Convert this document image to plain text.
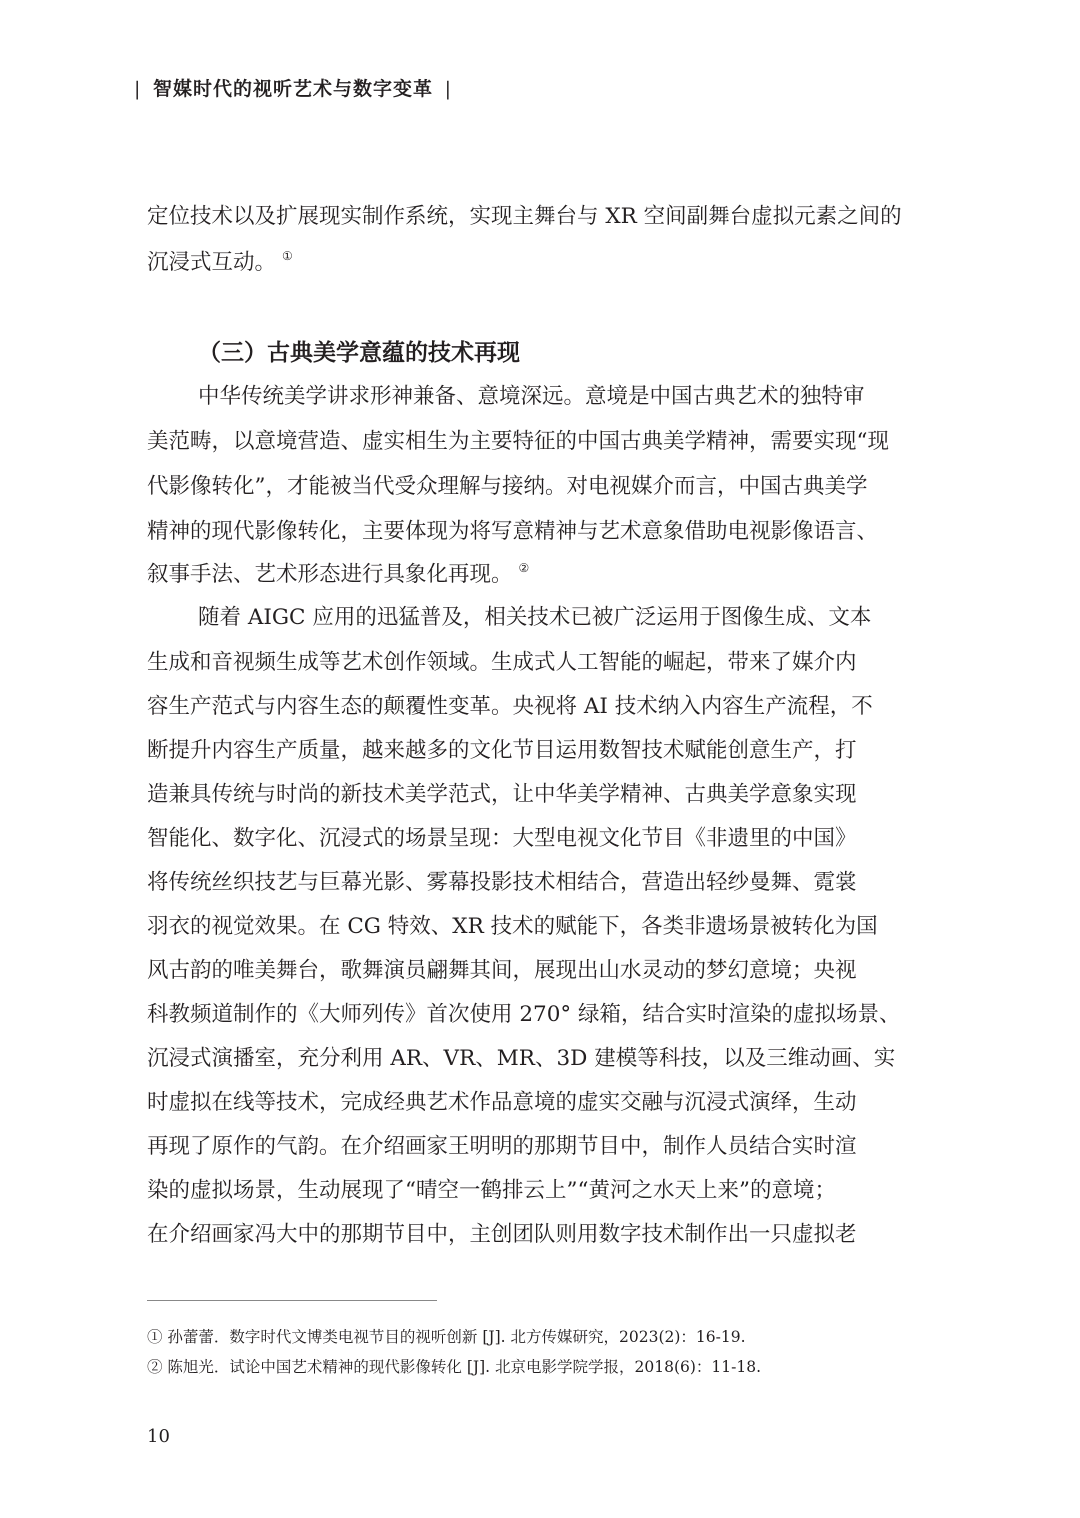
| 智媒时代的视听艺术与数字变革 |
定位技术以及扩展现实制作系统，实现主舞台与 XR 空间副舞台虚拟元素之间的
沉浸式互动。 ①
（三）古典美学意蕴的技术再现
中华传统美学讲求形神兼备、意境深远。意境是中国古典艺术的独特审
美范畴，以意境营造、虚实相生为主要特征的中国古典美学精神，需要实现“现
代影像转化”，才能被当代受众理解与接纳。对电视媒介而言，中国古典美学
精神的现代影像转化，主要体现为将写意精神与艺术意象借助电视影像语言、
叙事手法、艺术形态进行具象化再现。 ②
随着 AIGC 应用的迅猛普及，相关技术已被广泛运用于图像生成、文本
生成和音视频生成等艺术创作领域。生成式人工智能的崛起，带来了媒介内
容生产范式与内容生态的颠覆性变革。央视将 AI 技术纳入内容生产流程，不
断提升内容生产质量，越来越多的文化节目运用数智技术赋能创意生产，打
造兼具传统与时尚的新技术美学范式，让中华美学精神、古典美学意象实现
智能化、数字化、沉浸式的场景呈现：大型电视文化节目《非遗里的中国》
将传统丝织技艺与巨幕光影、雾幕投影技术相结合，营造出轻纱曼舞、霓裳
羽衣的视觉效果。在 CG 特效、XR 技术的赋能下，各类非遗场景被转化为国
风古韵的唯美舞台，歌舞演员翩舞其间，展现出山水灵动的梦幻意境；央视
科教频道制作的《大师列传》首次使用 270° 绿箱，结合实时渲染的虚拟场景、
沉浸式演播室，充分利用 AR、VR、MR、3D 建模等科技，以及三维动画、实
时虚拟在线等技术，完成经典艺术作品意境的虚实交融与沉浸式演绎，生动
再现了原作的气韵。在介绍画家王明明的那期节目中，制作人员结合实时渲
染的虚拟场景，生动展现了“晴空一鹤排云上”“黄河之水天上来”的意境；
在介绍画家冯大中的那期节目中，主创团队则用数字技术制作出一只虚拟老
① 孙蕾蕾．数字时代文博类电视节目的视听创新 [J]. 北方传媒研究，2023(2)：16-19.
② 陈旭光．试论中国艺术精神的现代影像转化 [J]. 北京电影学院学报，2018(6)：11-18.
10
